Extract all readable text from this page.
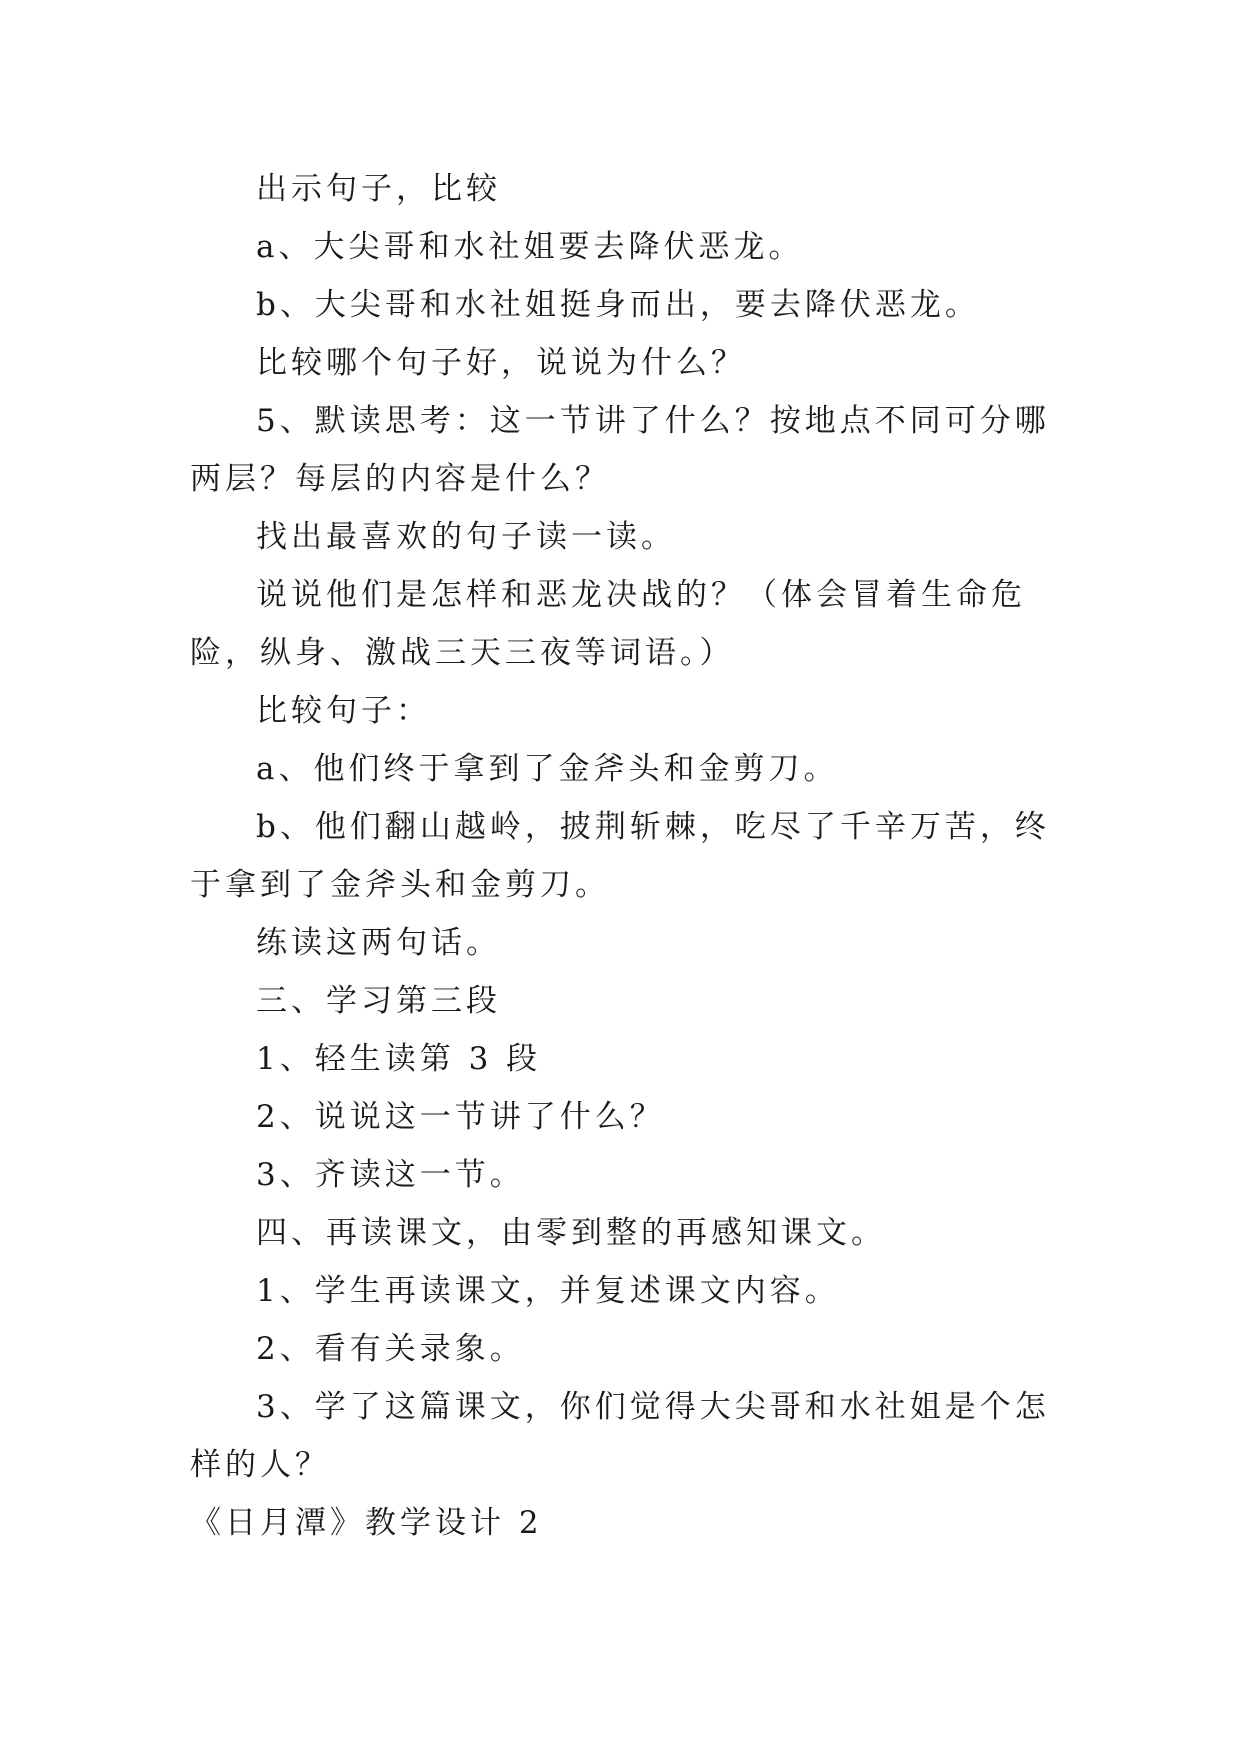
出示句子，比较

a、大尖哥和水社姐要去降伏恶龙。

b、大尖哥和水社姐挺身而出，要去降伏恶龙。

比较哪个句子好，说说为什么？

5、默读思考：这一节讲了什么？按地点不同可分哪两层？每层的内容是什么？

找出最喜欢的句子读一读。

说说他们是怎样和恶龙决战的？（体会冒着生命危险，纵身、激战三天三夜等词语。）

比较句子：

a、他们终于拿到了金斧头和金剪刀。

b、他们翻山越岭，披荆斩棘，吃尽了千辛万苦，终于拿到了金斧头和金剪刀。

练读这两句话。

三、学习第三段

1、轻生读第 3 段

2、说说这一节讲了什么？

3、齐读这一节。

四、再读课文，由零到整的再感知课文。

1、学生再读课文，并复述课文内容。

2、看有关录象。

3、学了这篇课文，你们觉得大尖哥和水社姐是个怎样的人？

《日月潭》教学设计 2
